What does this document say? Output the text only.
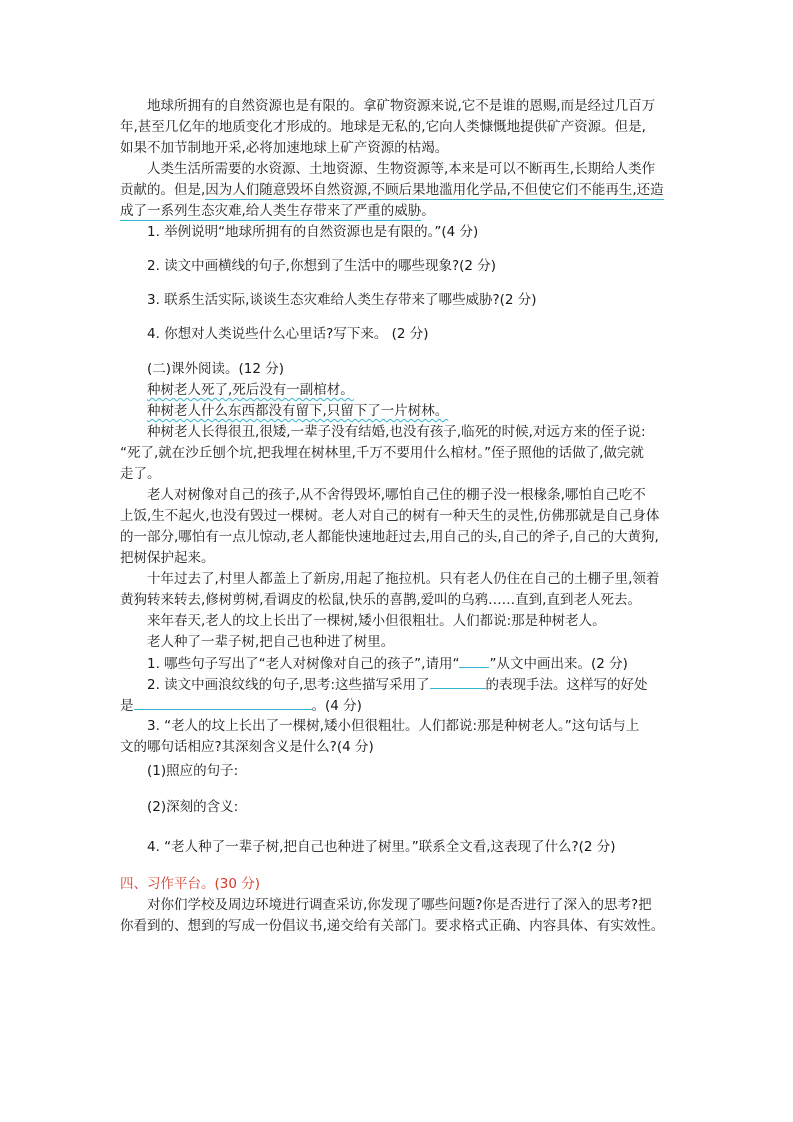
地球所拥有的自然资源也是有限的。拿矿物资源来说,它不是谁的恩赐,而是经过几百万
年,甚至几亿年的地质变化才形成的。地球是无私的,它向人类慷慨地提供矿产资源。但是,
如果不加节制地开采,必将加速地球上矿产资源的枯竭。
人类生活所需要的水资源、土地资源、生物资源等,本来是可以不断再生,长期给人类作
贡献的。但是,因为人们随意毁坏自然资源,不顾后果地滥用化学品,不但使它们不能再生,还造
成了一系列生态灾难,给人类生存带来了严重的威胁。
1. 举例说明“地球所拥有的自然资源也是有限的。”(4 分)
2. 读文中画横线的句子,你想到了生活中的哪些现象?(2 分)
3. 联系生活实际,谈谈生态灾难给人类生存带来了哪些威胁?(2 分)
4. 你想对人类说些什么心里话?写下来。 (2 分)
(二)课外阅读。(12 分)
种树老人死了,死后没有一副棺材。
种树老人什么东西都没有留下,只留下了一片树林。
种树老人长得很丑,很矮,一辈子没有结婚,也没有孩子,临死的时候,对远方来的侄子说:
“死了,就在沙丘刨个坑,把我埋在树林里,千万不要用什么棺材。”侄子照他的话做了,做完就
走了。
老人对树像对自己的孩子,从不舍得毁坏,哪怕自己住的棚子没一根椽条,哪怕自己吃不
上饭,生不起火,也没有毁过一棵树。老人对自己的树有一种天生的灵性,仿佛那就是自己身体
的一部分,哪怕有一点儿惊动,老人都能快速地赶过去,用自己的头,自己的斧子,自己的大黄狗,
把树保护起来。
十年过去了,村里人都盖上了新房,用起了拖拉机。只有老人仍住在自己的土棚子里,领着
黄狗转来转去,修树剪树,看调皮的松鼠,快乐的喜鹊,爱叫的乌鸦……直到,直到老人死去。
来年春天,老人的坟上长出了一棵树,矮小但很粗壮。人们都说:那是种树老人。
老人种了一辈子树,把自己也种进了树里。
1. 哪些句子写出了“老人对树像对自己的孩子”,请用“ ”从文中画出来。(2 分)
2. 读文中画浪纹线的句子,思考:这些描写采用了	的表现手法。这样写的好处
是	。(4 分)
3. “老人的坟上长出了一棵树,矮小但很粗壮。人们都说:那是种树老人。”这句话与上
文的哪句话相应?其深刻含义是什么?(4 分)
(1)照应的句子:
(2)深刻的含义:
4. “老人种了一辈子树,把自己也种进了树里。”联系全文看,这表现了什么?(2 分)
四、习作平台。(30 分)
对你们学校及周边环境进行调查采访,你发现了哪些问题?你是否进行了深入的思考?把
你看到的、想到的写成一份倡议书,递交给有关部门。要求格式正确、内容具体、有实效性。
